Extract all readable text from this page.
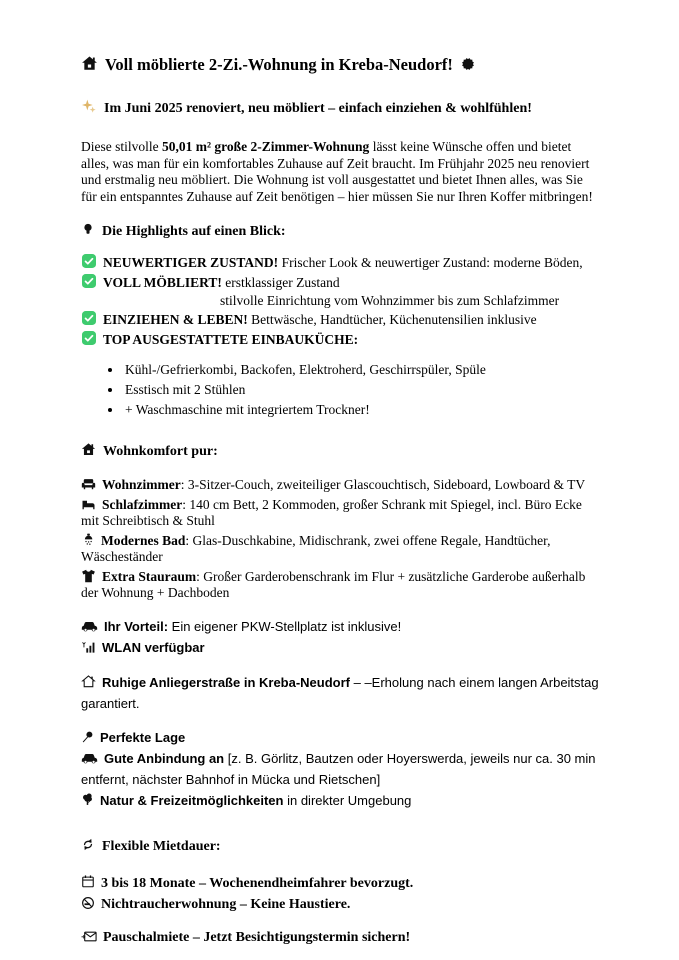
Voll möblierte 2-Zi.-Wohnung in Kreba-Neudorf!
Im Juni 2025 renoviert, neu möbliert – einfach einziehen & wohlfühlen!

Diese stilvolle 50,01 m² große 2-Zimmer-Wohnung lässt keine Wünsche offen und bietet alles, was man für ein komfortables Zuhause auf Zeit braucht. Im Frühjahr 2025 neu renoviert und erstmalig neu möbliert. Die Wohnung ist voll ausgestattet und bietet Ihnen alles, was Sie für ein entspanntes Zuhause auf Zeit benötigen – hier müssen Sie nur Ihren Koffer mitbringen!

Die Highlights auf einen Blick:
NEUWERTIGER ZUSTAND! Frischer Look & neuwertiger Zustand: moderne Böden,
VOLL MÖBLIERT! erstklassiger Zustand
stilvolle Einrichtung vom Wohnzimmer bis zum Schlafzimmer
EINZIEHEN & LEBEN! Bettwäsche, Handtücher, Küchenutensilien inklusive
TOP AUSGESTATTETE EINBAUKÜCHE:
• Kühl-/Gefrierkombi, Backofen, Elektroherd, Geschirrspüler, Spüle
• Esstisch mit 2 Stühlen
• + Waschmaschine mit integriertem Trockner!
Wohnkomfort pur:

Wohnzimmer: 3-Sitzer-Couch, zweiteiliger Glascouchtisch, Sideboard, Lowboard & TV

Schlafzimmer: 140 cm Bett, 2 Kommoden, großer Schrank mit Spiegel, incl. Büro Ecke mit Schreibtisch & Stuhl

Modernes Bad: Glas-Duschkabine, Midischrank, zwei offene Regale, Handtücher, Wäscheständer

Extra Stauraum: Großer Garderobenschrank im Flur + zusätzliche Garderobe außerhalb der Wohnung + Dachboden

Ihr Vorteil: Ein eigener PKW-Stellplatz ist inklusive!

WLAN verfügbar

Ruhige Anliegerstraße in Kreba-Neudorf – –Erholung nach einem langen Arbeitstag garantiert.

Perfekte Lage

Gute Anbindung an [z. B. Görlitz, Bautzen oder Hoyerswerda, jeweils nur ca. 30 min entfernt, nächster Bahnhof in Mücka und Rietschen]

Natur & Freizeitmöglichkeiten in direkter Umgebung

Flexible Mietdauer:

3 bis 18 Monate – Wochenendheimfahrer bevorzugt.

Nichtraucherwohnung – Keine Haustiere.

Pauschalmiete – Jetzt Besichtigungstermin sichern!
